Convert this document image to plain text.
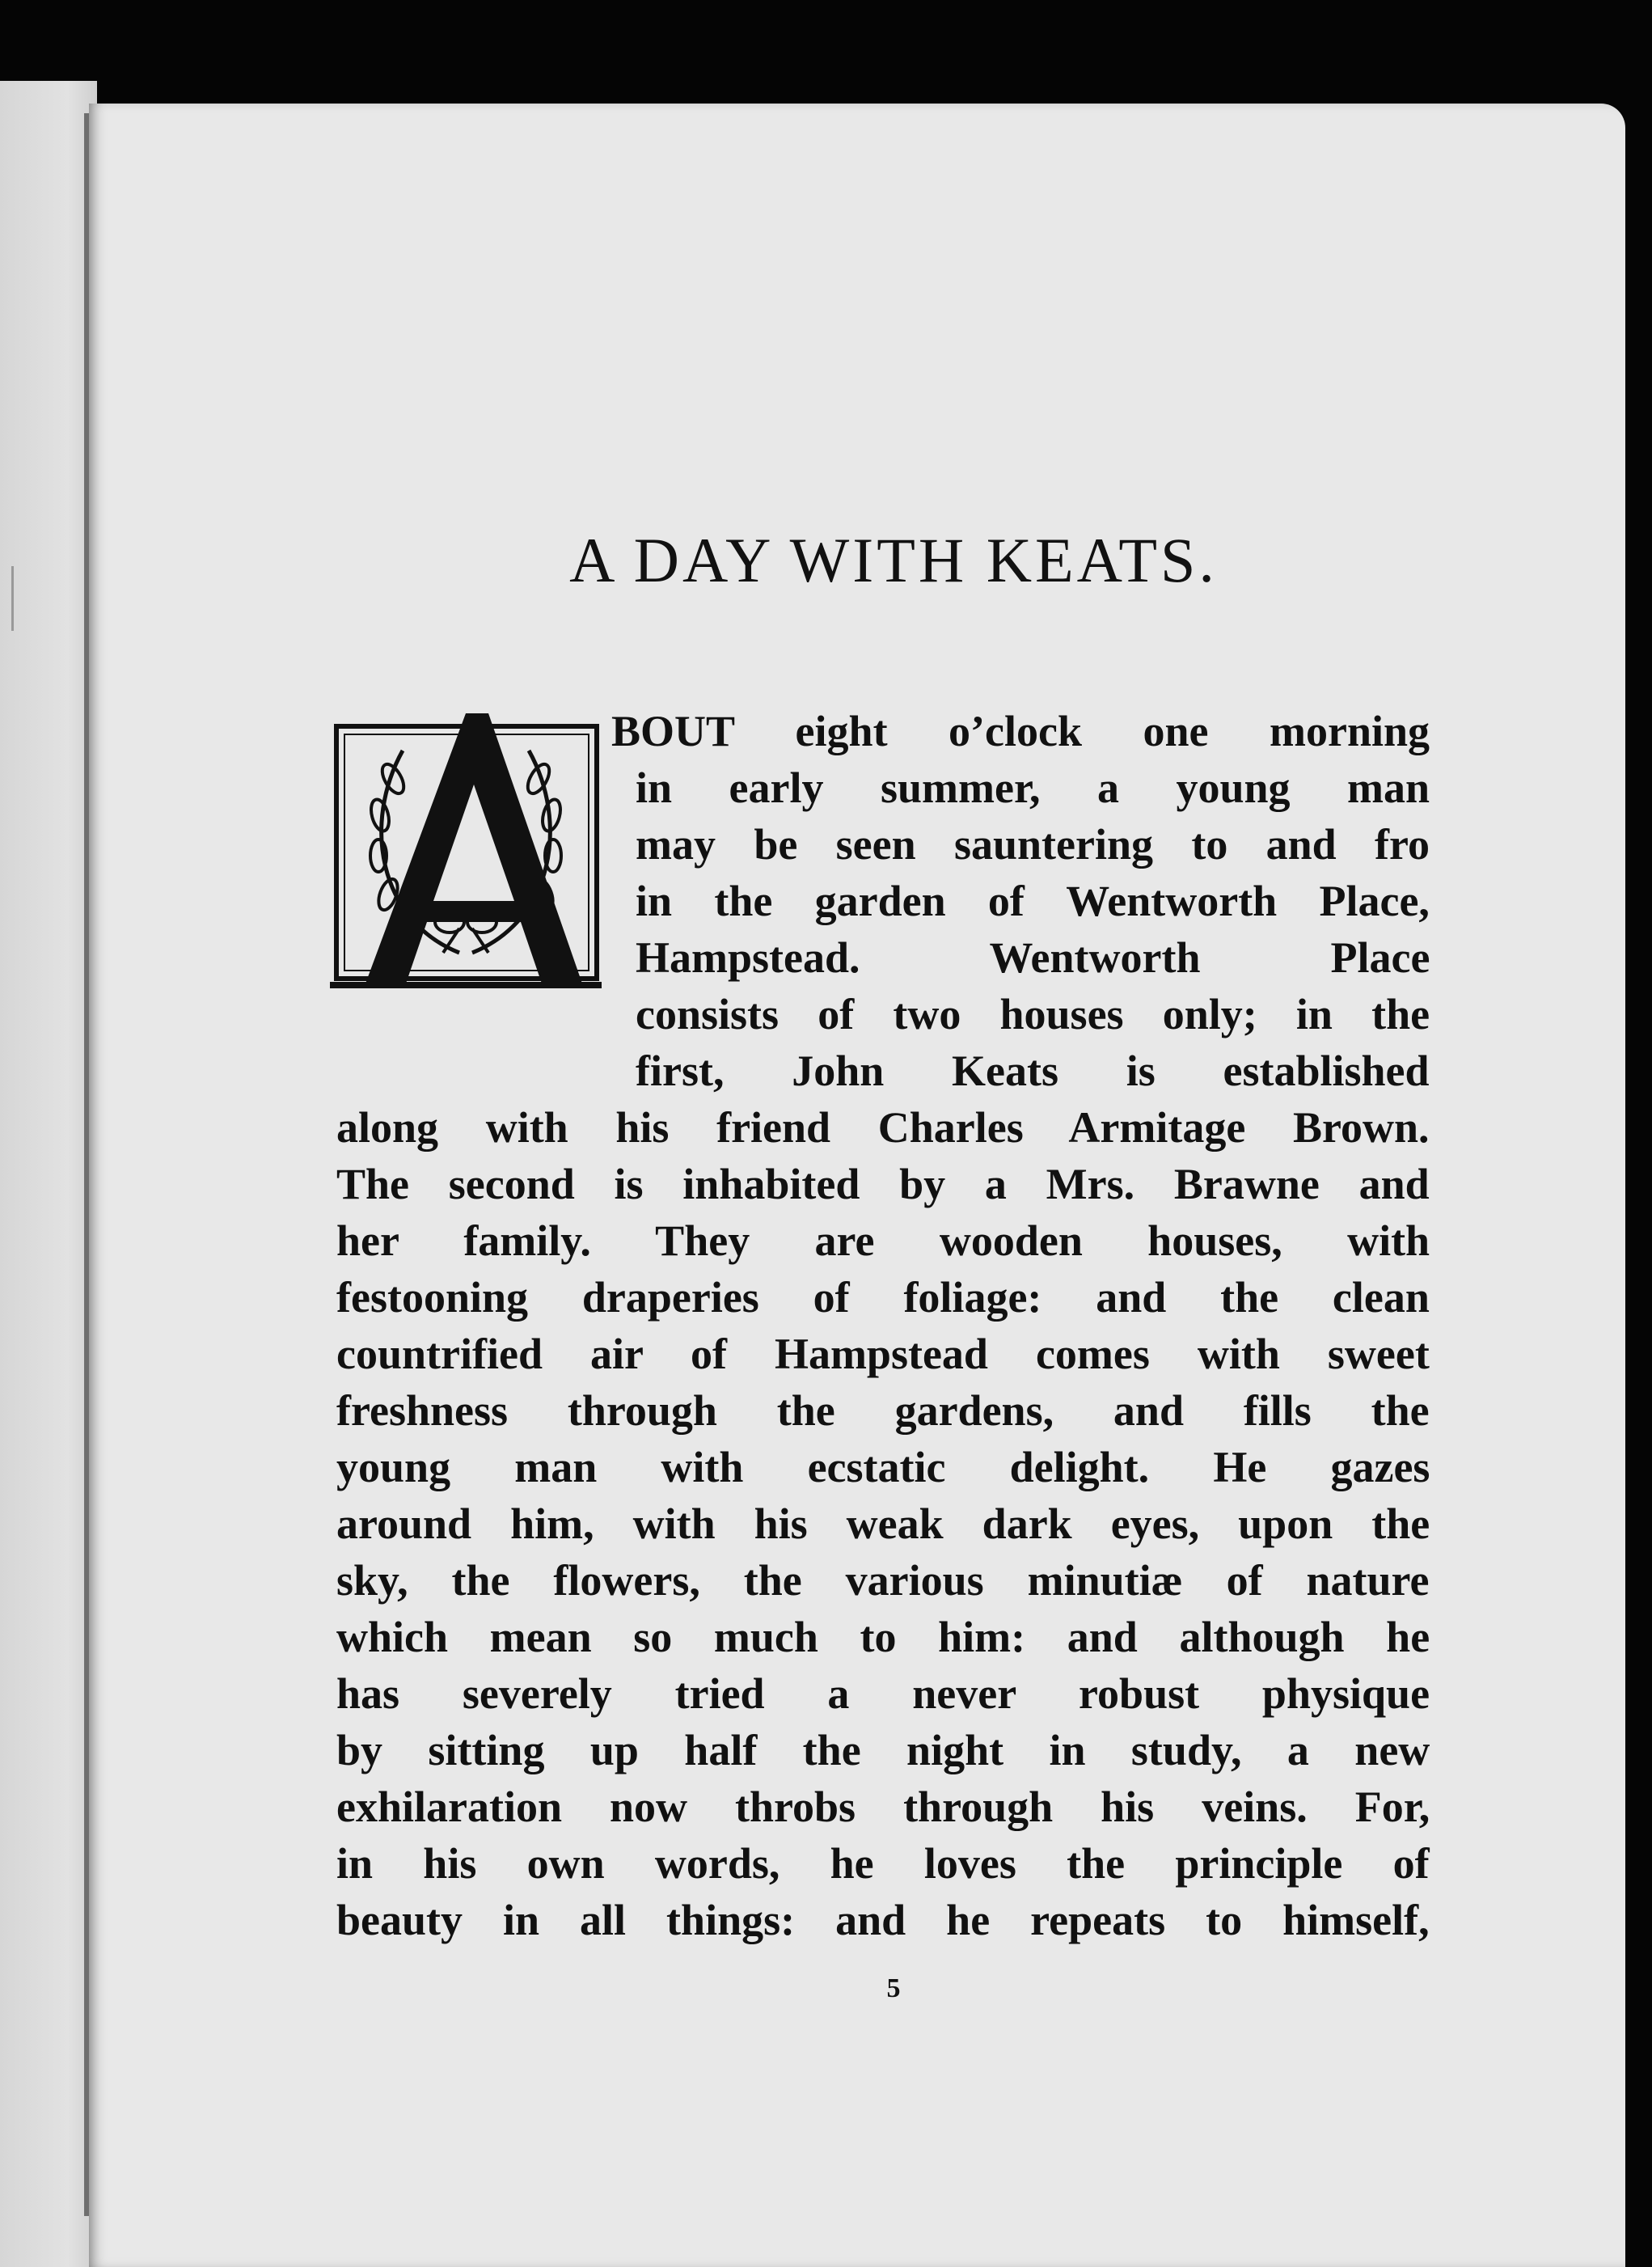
A DAY WITH KEATS.
BOUT eight o’clock one morning
in early summer, a young man
may be seen sauntering to and fro
in the garden of Wentworth Place,
Hampstead. Wentworth Place
consists of two houses only; in the
first, John Keats is established
along with his friend Charles Armitage Brown.
The second is inhabited by a Mrs. Brawne and
her family. They are wooden houses, with
festooning draperies of foliage: and the clean
countrified air of Hampstead comes with sweet
freshness through the gardens, and fills the
young man with ecstatic delight. He gazes
around him, with his weak dark eyes, upon the
sky, the flowers, the various minutiæ of nature
which mean so much to him: and although he
has severely tried a never robust physique
by sitting up half the night in study, a new
exhilaration now throbs through his veins. For,
in his own words, he loves the principle of
beauty in all things: and he repeats to himself,
5
